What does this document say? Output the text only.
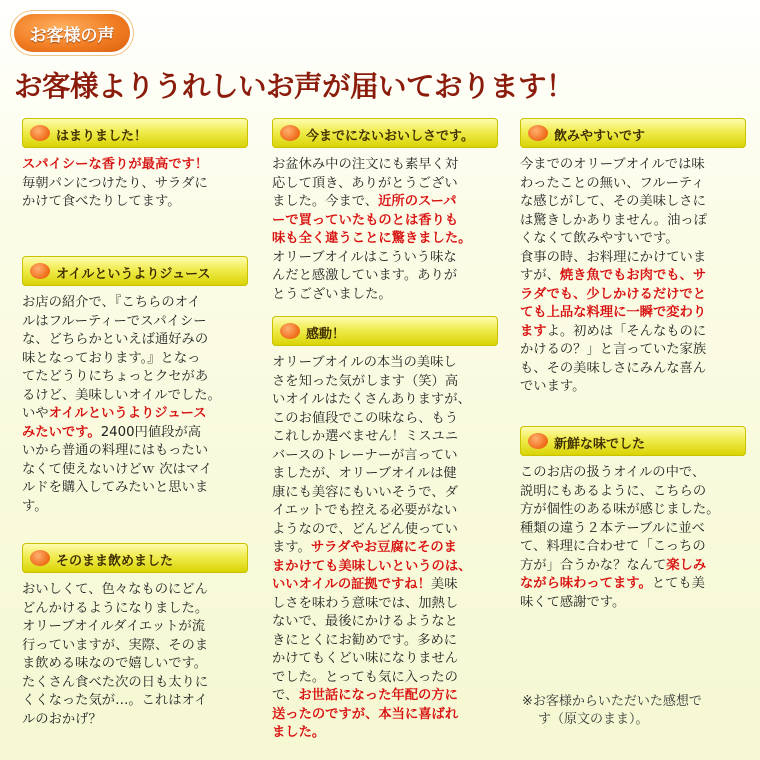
お客様の声
お客様よりうれしいお声が届いております！
はまりました！
スパイシーな香りが最高です！
毎朝パンにつけたり、サラダに
かけて食べたりしてます。
オイルというよりジュース
お店の紹介で、『こちらのオイ
ルはフルーティーでスパイシー
な、どちらかといえば通好みの
味となっております。』となっ
てたどうりにちょっとクセがあ
るけど、美味しいオイルでした。
いやオイルというよりジュース
みたいです。2400円値段が高
いから普通の料理にはもったい
なくて使えないけどｗ 次はマイ
ルドを購入してみたいと思いま
す。
そのまま飲めました
おいしくて、色々なものにどん
どんかけるようになりました。
オリーブオイルダイエットが流
行っていますが、実際、そのま
ま飲める味なので嬉しいです。
たくさん食べた次の日も太りに
くくなった気が…。これはオイ
ルのおかげ？
今までにないおいしさです。
お盆休み中の注文にも素早く対
応して頂き、ありがとうござい
ました。今まで、近所のスーパ
ーで買っていたものとは香りも
味も全く違うことに驚きました。
オリーブオイルはこういう味な
んだと感激しています。ありが
とうございました。
感動！
オリーブオイルの本当の美味し
さを知った気がします（笑）高
いオイルはたくさんありますが、
このお値段でこの味なら、もう
これしか選べません！ミスユニ
バースのトレーナーが言ってい
ましたが、オリーブオイルは健
康にも美容にもいいそうで、ダ
イエットでも控える必要がない
ようなので、どんどん使ってい
ます。サラダやお豆腐にそのま
まかけても美味しいというのは、
いいオイルの証拠ですね！美味
しさを味わう意味では、加熱し
ないで、最後にかけるようなと
きにとくにお勧めです。多めに
かけてもくどい味になりません
でした。とっても気に入ったの
で、お世話になった年配の方に
送ったのですが、本当に喜ばれ
ました。
飲みやすいです
今までのオリーブオイルでは味
わったことの無い、フルーティ
な感じがして、その美味しさに
は驚きしかありません。油っぽ
くなくて飲みやすいです。
食事の時、お料理にかけていま
すが、焼き魚でもお肉でも、サ
ラダでも、少しかけるだけでと
ても上品な料理に一瞬で変わり
ますよ。初めは「そんなものに
かけるの？」と言っていた家族
も、その美味しさにみんな喜ん
でいます。
新鮮な味でした
このお店の扱うオイルの中で、
説明にもあるように、こちらの
方が個性のある味が感じました。
種類の違う２本テーブルに並べ
て、料理に合わせて「こっちの
方が」合うかな？なんて楽しみ
ながら味わってます。とても美
味くて感謝です。
※お客様からいただいた感想で
す（原文のまま）。
